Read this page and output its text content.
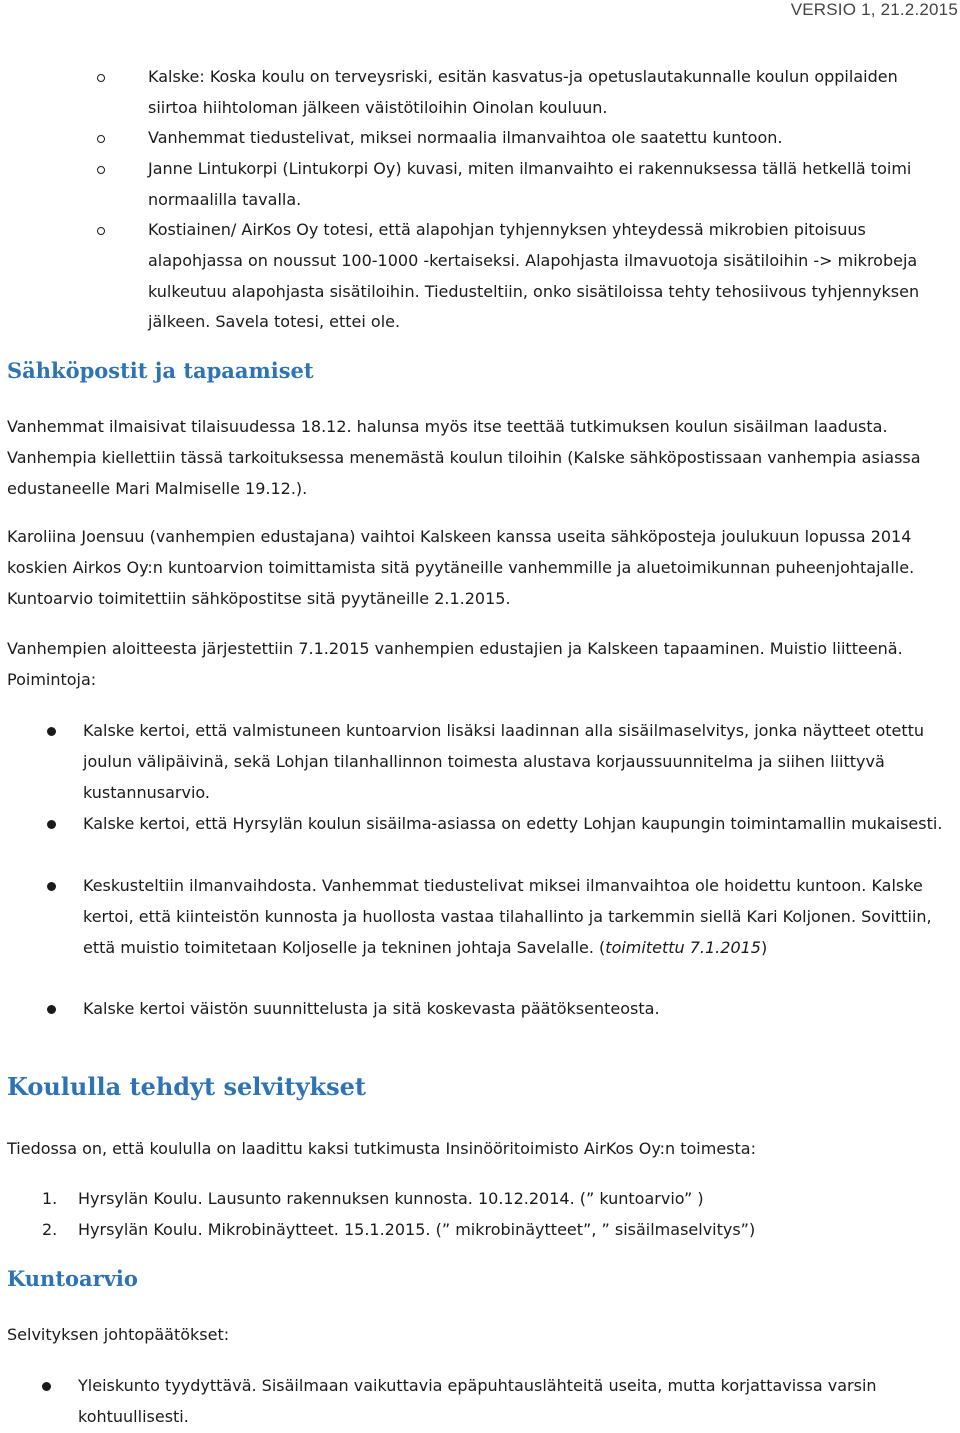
VERSIO 1, 21.2.2015
Kalske: Koska koulu on terveysriski, esitän kasvatus-ja opetuslautakunnalle koulun oppilaiden siirtoa hiihtoloman jälkeen väistötiloihin Oinolan kouluun.
Vanhemmat tiedustelivat, miksei normaalia ilmanvaihtoa ole saatettu kuntoon.
Janne Lintukorpi (Lintukorpi Oy) kuvasi, miten ilmanvaihto ei rakennuksessa tällä hetkellä toimi normaalilla tavalla.
Kostiainen/ AirKos Oy totesi, että alapohjan tyhjennyksen yhteydessä mikrobien pitoisuus alapohjassa on noussut 100-1000 -kertaiseksi. Alapohjasta ilmavuotoja sisätiloihin -> mikrobeja kulkeutuu alapohjasta sisätiloihin. Tiedusteltiin, onko sisätiloissa tehty tehosiivous tyhjennyksen jälkeen. Savela totesi, ettei ole.
Sähköpostit ja tapaamiset
Vanhemmat ilmaisivat tilaisuudessa 18.12. halunsa myös itse teettää tutkimuksen koulun sisäilman laadusta. Vanhempia kiellettiin tässä tarkoituksessa menemästä koulun tiloihin (Kalske sähköpostissaan vanhempia asiassa edustaneelle Mari Malmiselle 19.12.).
Karoliina Joensuu (vanhempien edustajana) vaihtoi Kalskeen kanssa useita sähköposteja joulukuun lopussa 2014 koskien Airkos Oy:n kuntoarvion toimittamista sitä pyytäneille vanhemmille ja aluetoimikunnan puheenjohtajalle. Kuntoarvio toimitettiin sähköpostitse sitä pyytäneille 2.1.2015.
Vanhempien aloitteesta järjestettiin 7.1.2015 vanhempien edustajien ja Kalskeen tapaaminen. Muistio liitteenä. Poimintoja:
Kalske kertoi, että valmistuneen kuntoarvion lisäksi laadinnan alla sisäilmaselvitys, jonka näytteet otettu joulun välipäivinä, sekä Lohjan tilanhallinnon toimesta alustava korjaussuunnitelma ja siihen liittyvä kustannusarvio.
Kalske kertoi, että Hyrsylän koulun sisäilma-asiassa on edetty Lohjan kaupungin toimintamallin mukaisesti.
Keskusteltiin ilmanvaihdosta. Vanhemmat tiedustelivat miksei ilmanvaihtoa ole hoidettu kuntoon. Kalske kertoi, että kiinteistön kunnosta ja huollosta vastaa tilahallinto ja tarkemmin siellä Kari Koljonen. Sovittiin, että muistio toimitetaan Koljoselle ja tekninen johtaja Savelalle. (toimitettu 7.1.2015)
Kalske kertoi väistön suunnittelusta ja sitä koskevasta päätöksenteosta.
Koululla tehdyt selvitykset
Tiedossa on, että koululla on laadittu kaksi tutkimusta Insinööritoimisto AirKos Oy:n toimesta:
1. Hyrsylän Koulu. Lausunto rakennuksen kunnosta. 10.12.2014. (” kuntoarvio” )
2. Hyrsylän Koulu. Mikrobinäytteet. 15.1.2015. (” mikrobinäytteet”, ” sisäilmaselvitys”)
Kuntoarvio
Selvityksen johtopäätökset:
Yleiskunto tyydyttävä. Sisäilmaan vaikuttavia epäpuhtauslähteitä useita, mutta korjattavissa varsin kohtuullisesti.
